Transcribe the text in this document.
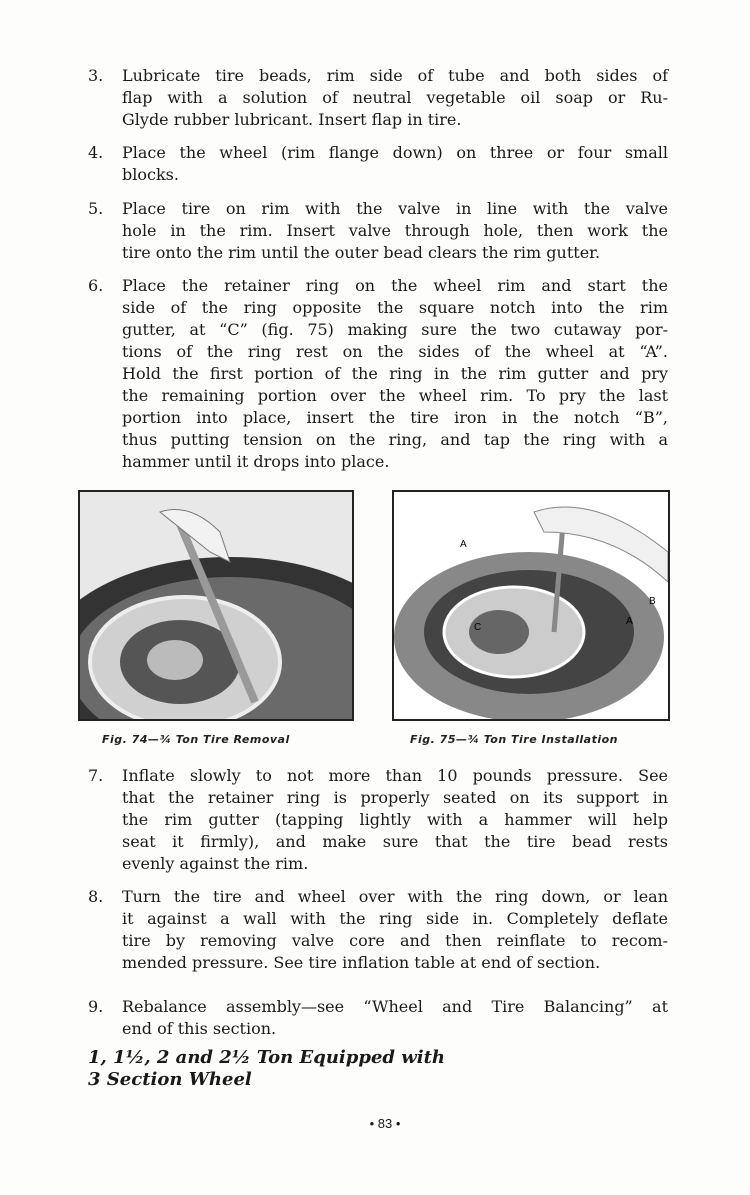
A
B
C
A
Fig. 74—¾ Ton Tire Removal	Fig. 75—¾ Ton Tire Installation
1, 1½, 2 and 2½ Ton Equipped with
3 Section Wheel
• 83 •
3. Lubricate tire beads, rim side of tube and both sides of
flap with a solution of neutral vegetable oil soap or Ru-
Glyde rubber lubricant. Insert flap in tire.
4. Place the wheel (rim flange down) on three or four small
blocks.
5. Place tire on rim with the valve in line with the valve
hole in the rim. Insert valve through hole, then work the
tire onto the rim until the outer bead clears the rim gutter.
6. Place the retainer ring on the wheel rim and start the
side of the ring opposite the square notch into the rim
gutter, at “C” (fig. 75) making sure the two cutaway por-
tions of the ring rest on the sides of the wheel at “A”.
Hold the first portion of the ring in the rim gutter and pry
the remaining portion over the wheel rim. To pry the last
portion into place, insert the tire iron in the notch “B”,
thus putting tension on the ring, and tap the ring with a
hammer until it drops into place.
7. Inflate slowly to not more than 10 pounds pressure. See
that the retainer ring is properly seated on its support in
the rim gutter (tapping lightly with a hammer will help
seat it firmly), and make sure that the tire bead rests
evenly against the rim.
8. Turn the tire and wheel over with the ring down, or lean
it against a wall with the ring side in. Completely deflate
tire by removing valve core and then reinflate to recom-
mended pressure. See tire inflation table at end of section.
9. Rebalance assembly—see “Wheel and Tire Balancing” at
end of this section.
